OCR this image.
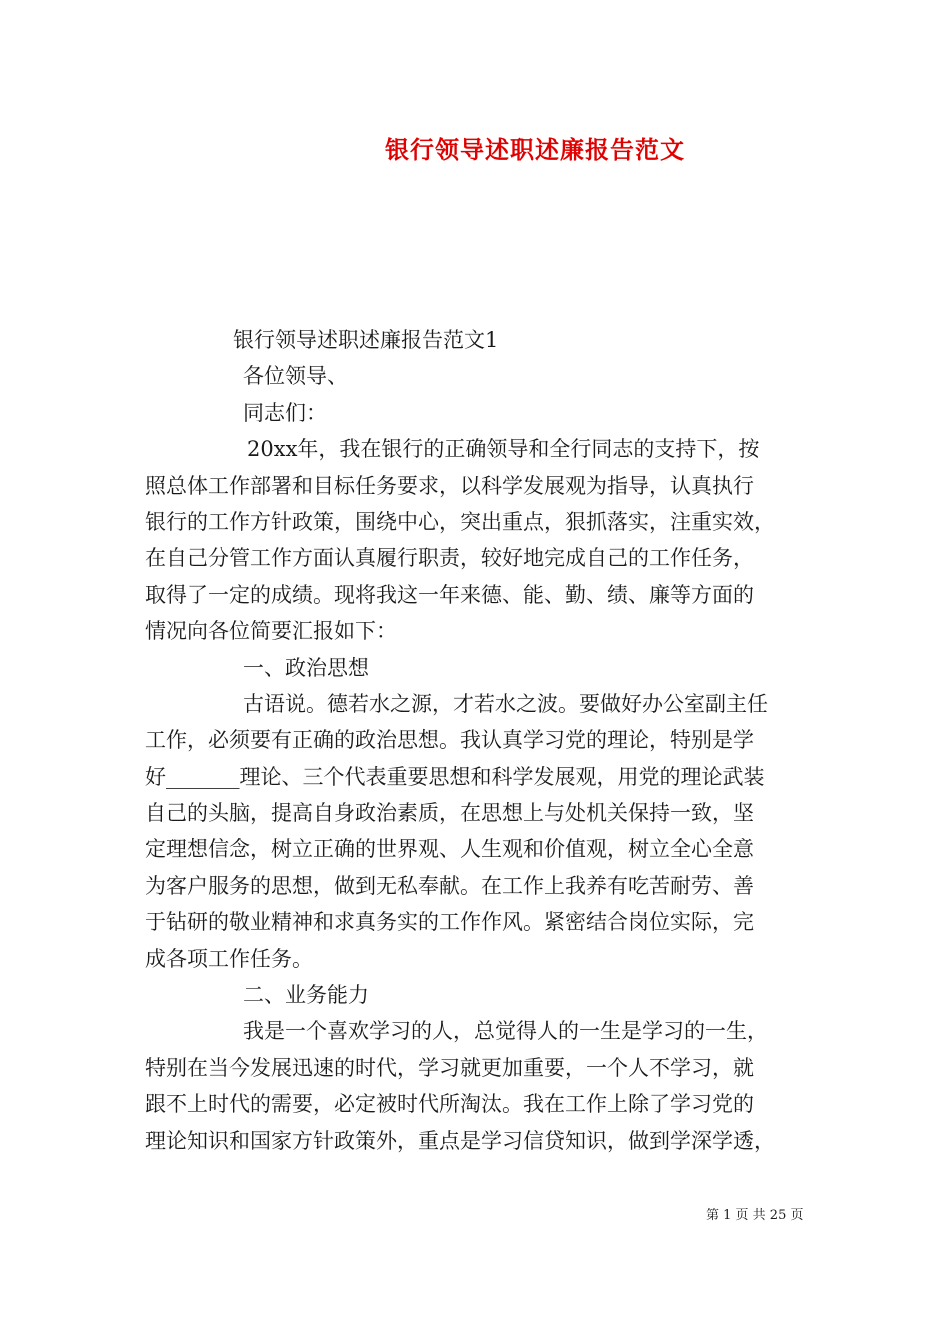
银行领导述职述廉报告范文
银行领导述职述廉报告范文1
各位领导、
同志们：
20xx年，我在银行的正确领导和全行同志的支持下，按
照总体工作部署和目标任务要求，以科学发展观为指导，认真执行
银行的工作方针政策，围绕中心，突出重点，狠抓落实，注重实效，
在自己分管工作方面认真履行职责，较好地完成自己的工作任务，
取得了一定的成绩。现将我这一年来德、能、勤、绩、廉等方面的
情况向各位简要汇报如下：
一、政治思想
古语说。德若水之源，才若水之波。要做好办公室副主任
工作，必须要有正确的政治思想。我认真学习党的理论，特别是学
好_______理论、三个代表重要思想和科学发展观，用党的理论武装
自己的头脑，提高自身政治素质，在思想上与处机关保持一致，坚
定理想信念，树立正确的世界观、人生观和价值观，树立全心全意
为客户服务的思想，做到无私奉献。在工作上我养有吃苦耐劳、善
于钻研的敬业精神和求真务实的工作作风。紧密结合岗位实际，完
成各项工作任务。
二、业务能力
我是一个喜欢学习的人，总觉得人的一生是学习的一生，
特别在当今发展迅速的时代，学习就更加重要，一个人不学习，就
跟不上时代的需要，必定被时代所淘汰。我在工作上除了学习党的
理论知识和国家方针政策外，重点是学习信贷知识，做到学深学透，
第 1 页 共 25 页
